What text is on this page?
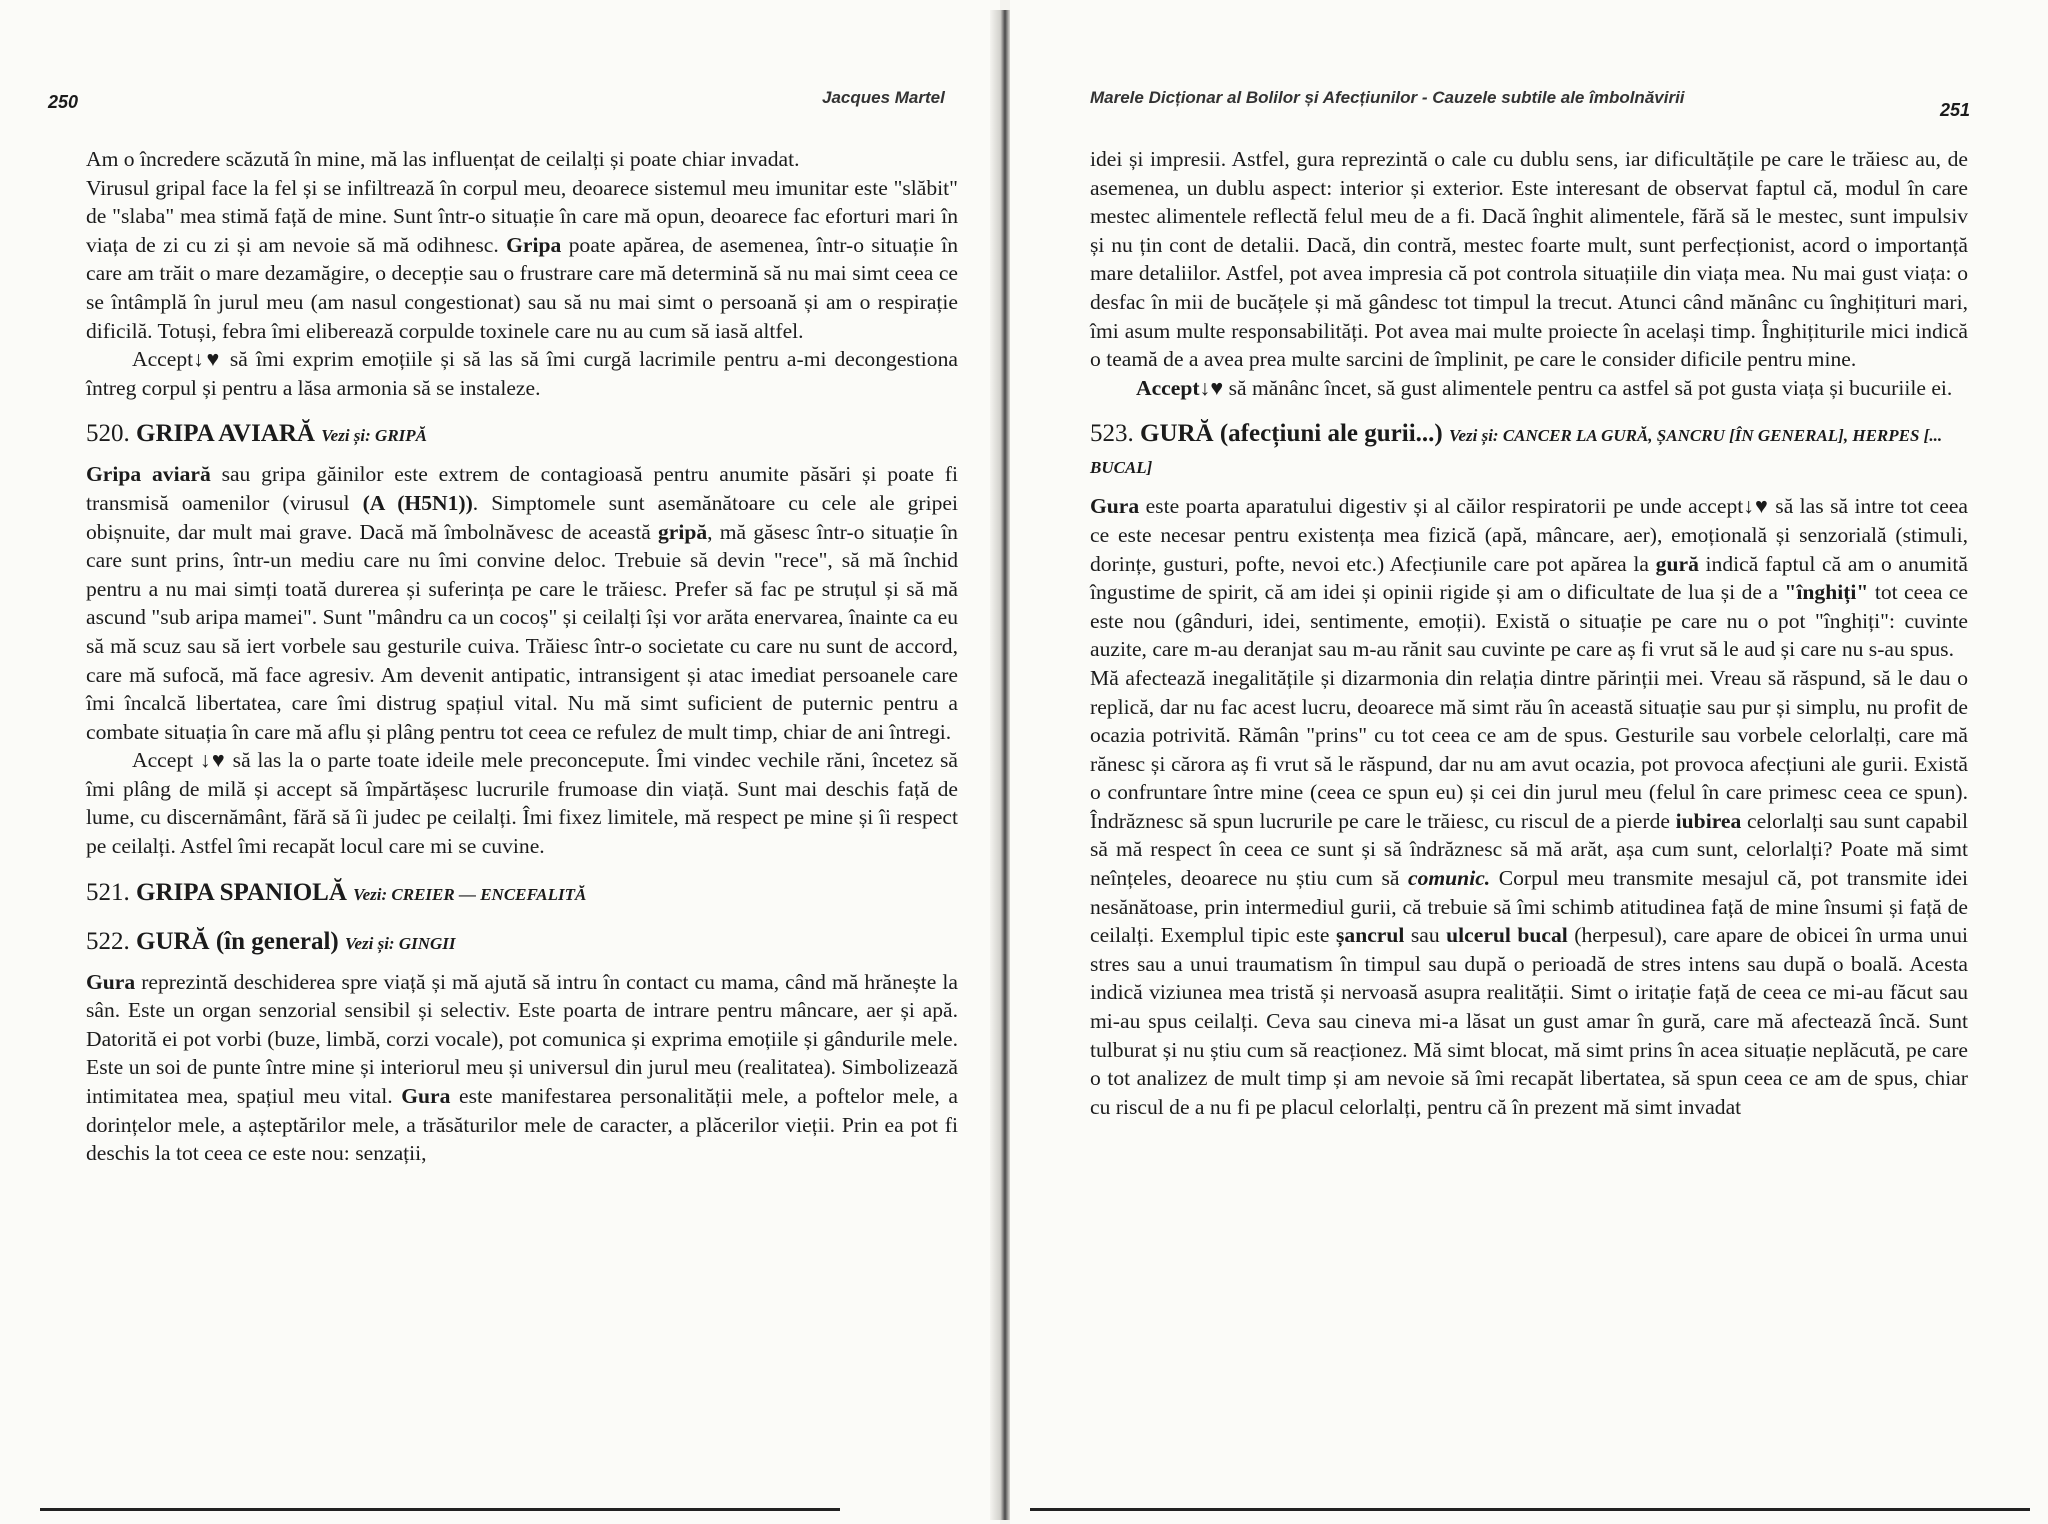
250	Jacques Martel

Am o încredere scăzută în mine, mă las influențat de ceilalți și poate chiar invadat.

Virusul gripal face la fel și se infiltrează în corpul meu, deoarece sistemul meu imunitar este "slăbit" de "slaba" mea stimă față de mine. Sunt într-o situație în care mă opun, deoarece fac eforturi mari în viața de zi cu zi și am nevoie să mă odihnesc. Gripa poate apărea, de asemenea, într-o situație în care am trăit o mare dezamăgire, o decepție sau o frustrare care mă determină să nu mai simt ceea ce se întâmplă în jurul meu (am nasul congestionat) sau să nu mai simt o persoană și am o respirație dificilă. Totuși, febra îmi eliberează corpulde toxinele care nu au cum să iasă altfel.

Accept↓♥ să îmi exprim emoțiile și să las să îmi curgă lacrimile pentru a-mi decongestiona întreg corpul și pentru a lăsa armonia să se instaleze.

520. GRIPA AVIARĂ Vezi și: GRIPĂ

Gripa aviară sau gripa găinilor este extrem de contagioasă pentru anumite păsări și poate fi transmisă oamenilor (virusul (A (H5N1)). Simptomele sunt asemănătoare cu cele ale gripei obișnuite, dar mult mai grave. Dacă mă îmbolnăvesc de această gripă, mă găsesc într-o situație în care sunt prins, într-un mediu care nu îmi convine deloc. Trebuie să devin "rece", să mă închid pentru a nu mai simți toată durerea și suferința pe care le trăiesc. Prefer să fac pe struțul și să mă ascund "sub aripa mamei". Sunt "mândru ca un cocoș" și ceilalți își vor arăta enervarea, înainte ca eu să mă scuz sau să iert vorbele sau gesturile cuiva. Trăiesc într-o societate cu care nu sunt de accord, care mă sufocă, mă face agresiv. Am devenit antipatic, intransigent și atac imediat persoanele care îmi încalcă libertatea, care îmi distrug spațiul vital. Nu mă simt suficient de puternic pentru a combate situația în care mă aflu și plâng pentru tot ceea ce refulez de mult timp, chiar de ani întregi.

Accept ↓♥ să las la o parte toate ideile mele preconcepute. Îmi vindec vechile răni, încetez să îmi plâng de milă și accept să împărtășesc lucrurile frumoase din viață. Sunt mai deschis față de lume, cu discernământ, fără să îi judec pe ceilalți. Îmi fixez limitele, mă respect pe mine și îi respect pe ceilalți. Astfel îmi recapăt locul care mi se cuvine.

521. GRIPA SPANIOLĂ Vezi: CREIER — ENCEFALITĂ
522. GURĂ (în general) Vezi și: GINGII

Gura reprezintă deschiderea spre viață și mă ajută să intru în contact cu mama, când mă hrănește la sân. Este un organ senzorial sensibil și selectiv. Este poarta de intrare pentru mâncare, aer și apă. Datorită ei pot vorbi (buze, limbă, corzi vocale), pot comunica și exprima emoțiile și gândurile mele. Este un soi de punte între mine și interiorul meu și universul din jurul meu (realitatea). Simbolizează intimitatea mea, spațiul meu vital. Gura este manifestarea personalității mele, a poftelor mele, a dorințelor mele, a așteptărilor mele, a trăsăturilor mele de caracter, a plăcerilor vieții. Prin ea pot fi deschis la tot ceea ce este nou: senzații,

Marele Dicționar al Bolilor și Afecțiunilor - Cauzele subtile ale îmbolnăvirii
251

idei și impresii. Astfel, gura reprezintă o cale cu dublu sens, iar dificultățile pe care le trăiesc au, de asemenea, un dublu aspect: interior și exterior. Este interesant de observat faptul că, modul în care mestec alimentele reflectă felul meu de a fi. Dacă înghit alimentele, fără să le mestec, sunt impulsiv și nu țin cont de detalii. Dacă, din contră, mestec foarte mult, sunt perfecționist, acord o importanță mare detaliilor. Astfel, pot avea impresia că pot controla situațiile din viața mea. Nu mai gust viața: o desfac în mii de bucățele și mă gândesc tot timpul la trecut. Atunci când mănânc cu înghițituri mari, îmi asum multe responsabilități. Pot avea mai multe proiecte în același timp. Înghițiturile mici indică o teamă de a avea prea multe sarcini de împlinit, pe care le consider dificile pentru mine.

Accept↓♥ să mănânc încet, să gust alimentele pentru ca astfel să pot gusta viața și bucuriile ei.

523. GURĂ (afecțiuni ale gurii...) Vezi și: CANCER LA GURĂ, ȘANCRU [ÎN GENERAL], HERPES [... BUCAL]

Gura este poarta aparatului digestiv și al căilor respiratorii pe unde accept↓♥ să las să intre tot ceea ce este necesar pentru existența mea fizică (apă, mâncare, aer), emoțională și senzorială (stimuli, dorințe, gusturi, pofte, nevoi etc.) Afecțiunile care pot apărea la gură indică faptul că am o anumită îngustime de spirit, că am idei și opinii rigide și am o dificultate de lua și de a "înghiți" tot ceea ce este nou (gânduri, idei, sentimente, emoții). Există o situație pe care nu o pot "înghiți": cuvinte auzite, care m-au deranjat sau m-au rănit sau cuvinte pe care aș fi vrut să le aud și care nu s-au spus.

Mă afectează inegalitățile și dizarmonia din relația dintre părinții mei. Vreau să răspund, să le dau o replică, dar nu fac acest lucru, deoarece mă simt rău în această situație sau pur și simplu, nu profit de ocazia potrivită. Rămân "prins" cu tot ceea ce am de spus. Gesturile sau vorbele celorlalți, care mă rănesc și cărora aș fi vrut să le răspund, dar nu am avut ocazia, pot provoca afecțiuni ale gurii. Există o confruntare între mine (ceea ce spun eu) și cei din jurul meu (felul în care primesc ceea ce spun). Îndrăznesc să spun lucrurile pe care le trăiesc, cu riscul de a pierde iubirea celorlalți sau sunt capabil să mă respect în ceea ce sunt și să îndrăznesc să mă arăt, așa cum sunt, celorlalți? Poate mă simt neînțeles, deoarece nu știu cum să comunic. Corpul meu transmite mesajul că, pot transmite idei nesănătoase, prin intermediul gurii, că trebuie să îmi schimb atitudinea față de mine însumi și față de ceilalți. Exemplul tipic este șancrul sau ulcerul bucal (herpesul), care apare de obicei în urma unui stres sau a unui traumatism în timpul sau după o perioadă de stres intens sau după o boală. Acesta indică viziunea mea tristă și nervoasă asupra realității. Simt o iritație față de ceea ce mi-au făcut sau mi-au spus ceilalți. Ceva sau cineva mi-a lăsat un gust amar în gură, care mă afectează încă. Sunt tulburat și nu știu cum să reacționez. Mă simt blocat, mă simt prins în acea situație neplăcută, pe care o tot analizez de mult timp și am nevoie să îmi recapăt libertatea, să spun ceea ce am de spus, chiar cu riscul de a nu fi pe placul celorlalți, pentru că în prezent mă simt invadat
